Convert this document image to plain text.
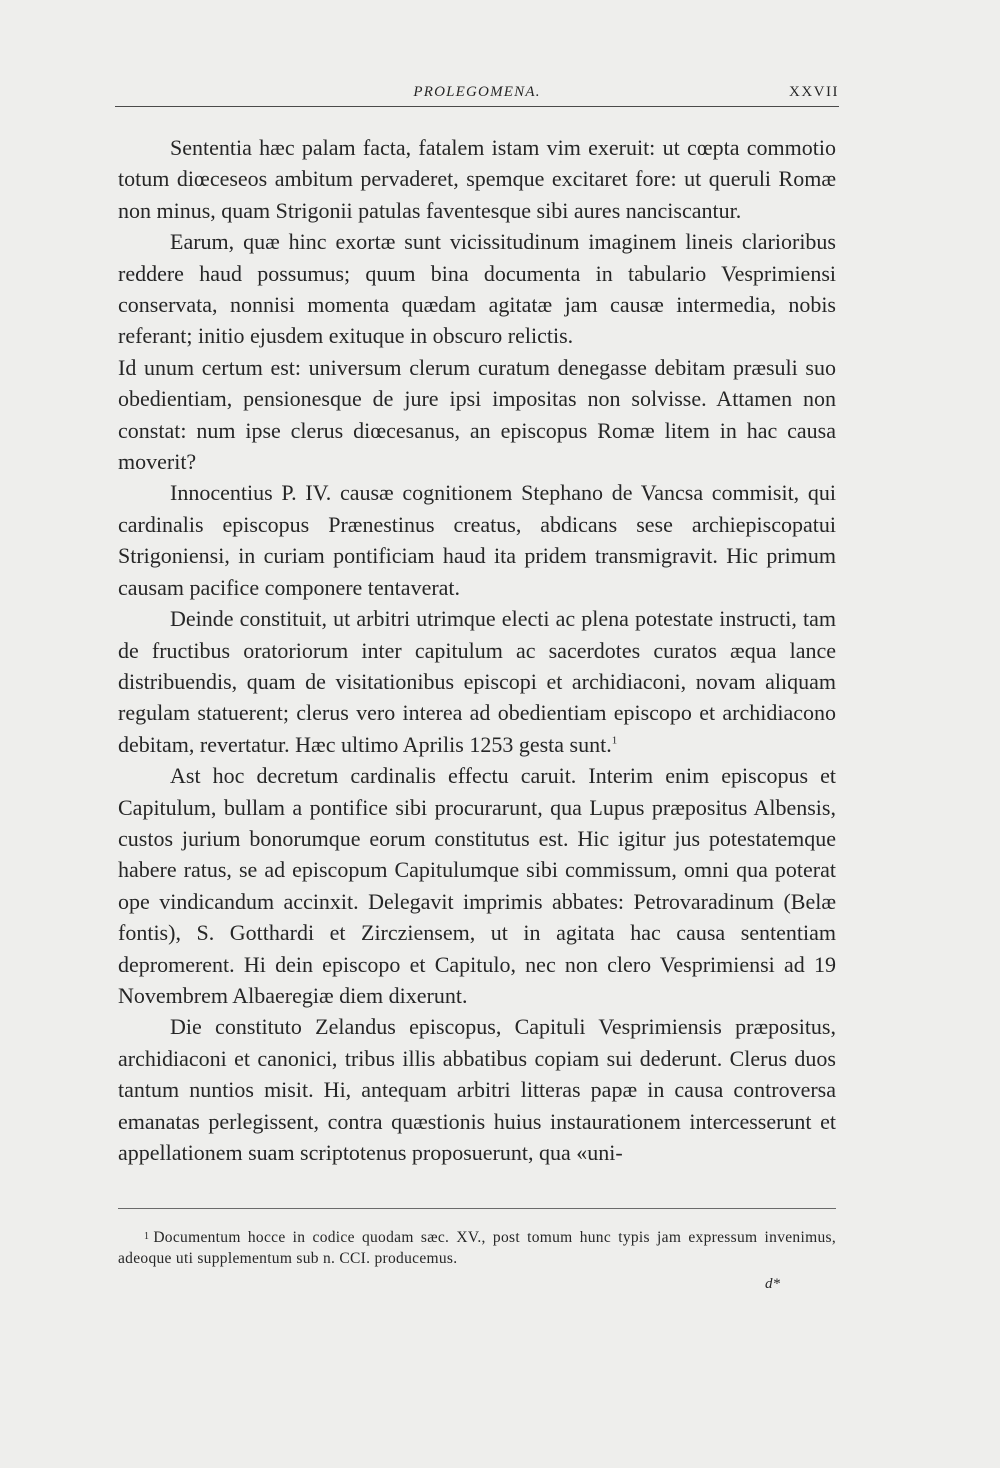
PROLEGOMENA.	XXVII

Sententia hæc palam facta, fatalem istam vim exeruit: ut cœpta commotio totum diœceseos ambitum pervaderet, spemque excitaret fore: ut queruli Romæ non minus, quam Strigonii patulas faventesque sibi aures nanciscantur.

Earum, quæ hinc exortæ sunt vicissitudinum imaginem lineis clarioribus reddere haud possumus; quum bina documenta in tabulario Vesprimiensi conservata, nonnisi momenta quædam agitatæ jam causæ intermedia, nobis referant; initio ejusdem exituque in obscuro relictis.

Id unum certum est: universum clerum curatum denegasse debitam præsuli suo obedientiam, pensionesque de jure ipsi impositas non solvisse. Attamen non constat: num ipse clerus diœcesanus, an episcopus Romæ litem in hac causa moverit?

Innocentius P. IV. causæ cognitionem Stephano de Vancsa commisit, qui cardinalis episcopus Prænestinus creatus, abdicans sese archiepiscopatui Strigoniensi, in curiam pontificiam haud ita pridem transmigravit. Hic primum causam pacifice componere tentaverat.

Deinde constituit, ut arbitri utrimque electi ac plena potestate instructi, tam de fructibus oratoriorum inter capitulum ac sacerdotes curatos æqua lance distribuendis, quam de visitationibus episcopi et archidiaconi, novam aliquam regulam statuerent; clerus vero interea ad obedientiam episcopo et archidiacono debitam, revertatur. Hæc ultimo Aprilis 1253 gesta sunt.$^1$

Ast hoc decretum cardinalis effectu caruit. Interim enim episcopus et Capitulum, bullam a pontifice sibi procurarunt, qua Lupus præpositus Albensis, custos jurium bonorumque eorum constitutus est. Hic igitur jus potestatemque habere ratus, se ad episcopum Capitulumque sibi commissum, omni qua poterat ope vindicandum accinxit. Delegavit imprimis abbates: Petrovaradinum (Belæ fontis), S. Gotthardi et Zircziensem, ut in agitata hac causa sententiam depromerent. Hi dein episcopo et Capitulo, nec non clero Vesprimiensi ad 19 Novembrem Albaeregiæ diem dixerunt.

Die constituto Zelandus episcopus, Capituli Vesprimiensis præpositus, archidiaconi et canonici, tribus illis abbatibus copiam sui dederunt. Clerus duos tantum nuntios misit. Hi, antequam arbitri litteras papæ in causa controversa emanatas perlegissent, contra quæstionis huius instaurationem intercesserunt et appellationem suam scriptotenus proposuerunt, qua «uni-

1 Documentum hocce in codice quodam sæc. XV., post tomum hunc typis jam expressum invenimus, adeoque uti supplementum sub n. CCI. producemus.

d*
